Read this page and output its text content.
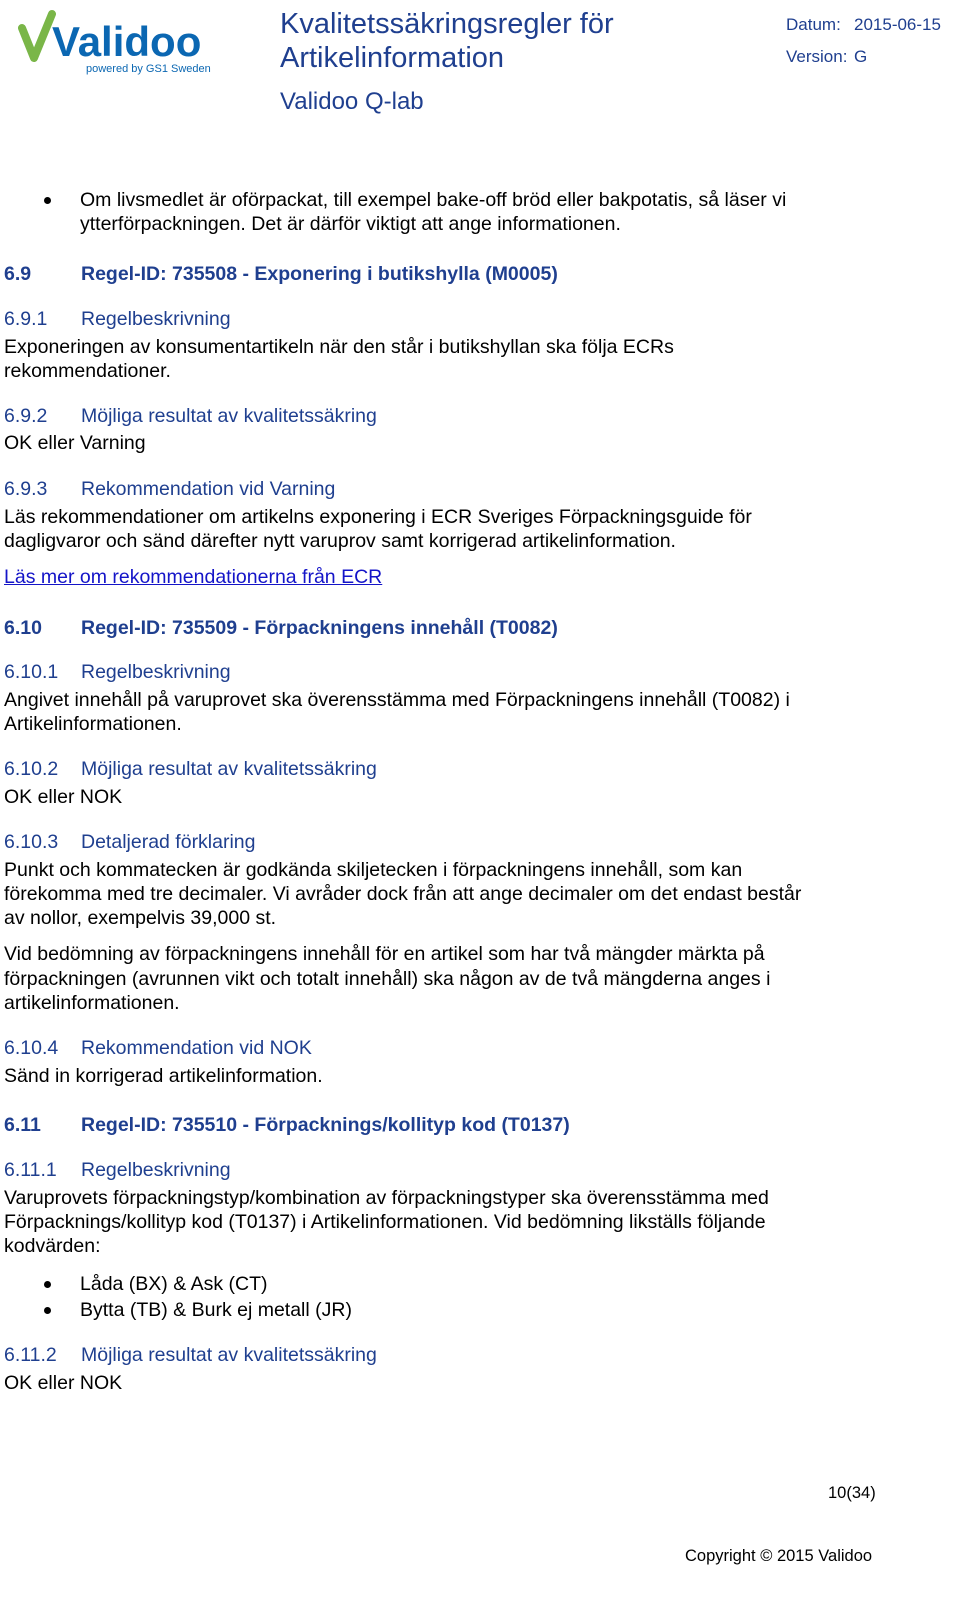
Validoo
powered by GS1 Sweden
Kvalitetssäkringsregler för
Artikelinformation
Validoo Q-lab
Datum: 2015-06-15
Version: G
Om livsmedlet är oförpackat, till exempel bake-off bröd eller bakpotatis, så läser vi
ytterförpackningen. Det är därför viktigt att ange informationen.
6.9	Regel-ID: 735508 - Exponering i butikshylla (M0005)
6.9.1 Regelbeskrivning
Exponeringen av konsumentartikeln när den står i butikshyllan ska följa ECRs
rekommendationer.
6.9.2 Möjliga resultat av kvalitetssäkring
OK eller Varning
6.9.3 Rekommendation vid Varning
Läs rekommendationer om artikelns exponering i ECR Sveriges Förpackningsguide för
dagligvaror och sänd därefter nytt varuprov samt korrigerad artikelinformation.
Läs mer om rekommendationerna från ECR
6.10 Regel-ID: 735509 - Förpackningens innehåll (T0082)
6.10.1 Regelbeskrivning
Angivet innehåll på varuprovet ska överensstämma med Förpackningens innehåll (T0082) i
Artikelinformationen.
6.10.2 Möjliga resultat av kvalitetssäkring
OK eller NOK
6.10.3 Detaljerad förklaring
Punkt och kommatecken är godkända skiljetecken i förpackningens innehåll, som kan
förekomma med tre decimaler. Vi avråder dock från att ange decimaler om det endast består
av nollor, exempelvis 39,000 st.
Vid bedömning av förpackningens innehåll för en artikel som har två mängder märkta på
förpackningen (avrunnen vikt och totalt innehåll) ska någon av de två mängderna anges i
artikelinformationen.
6.10.4 Rekommendation vid NOK
Sänd in korrigerad artikelinformation.
6.11 Regel-ID: 735510 - Förpacknings/kollityp kod (T0137)
6.11.1 Regelbeskrivning
Varuprovets förpackningstyp/kombination av förpackningstyper ska överensstämma med
Förpacknings/kollityp kod (T0137) i Artikelinformationen. Vid bedömning likställs följande
kodvärden:
Låda (BX) & Ask (CT)
Bytta (TB) & Burk ej metall (JR)
6.11.2 Möjliga resultat av kvalitetssäkring
OK eller NOK
10(34)
Copyright © 2015 Validoo
